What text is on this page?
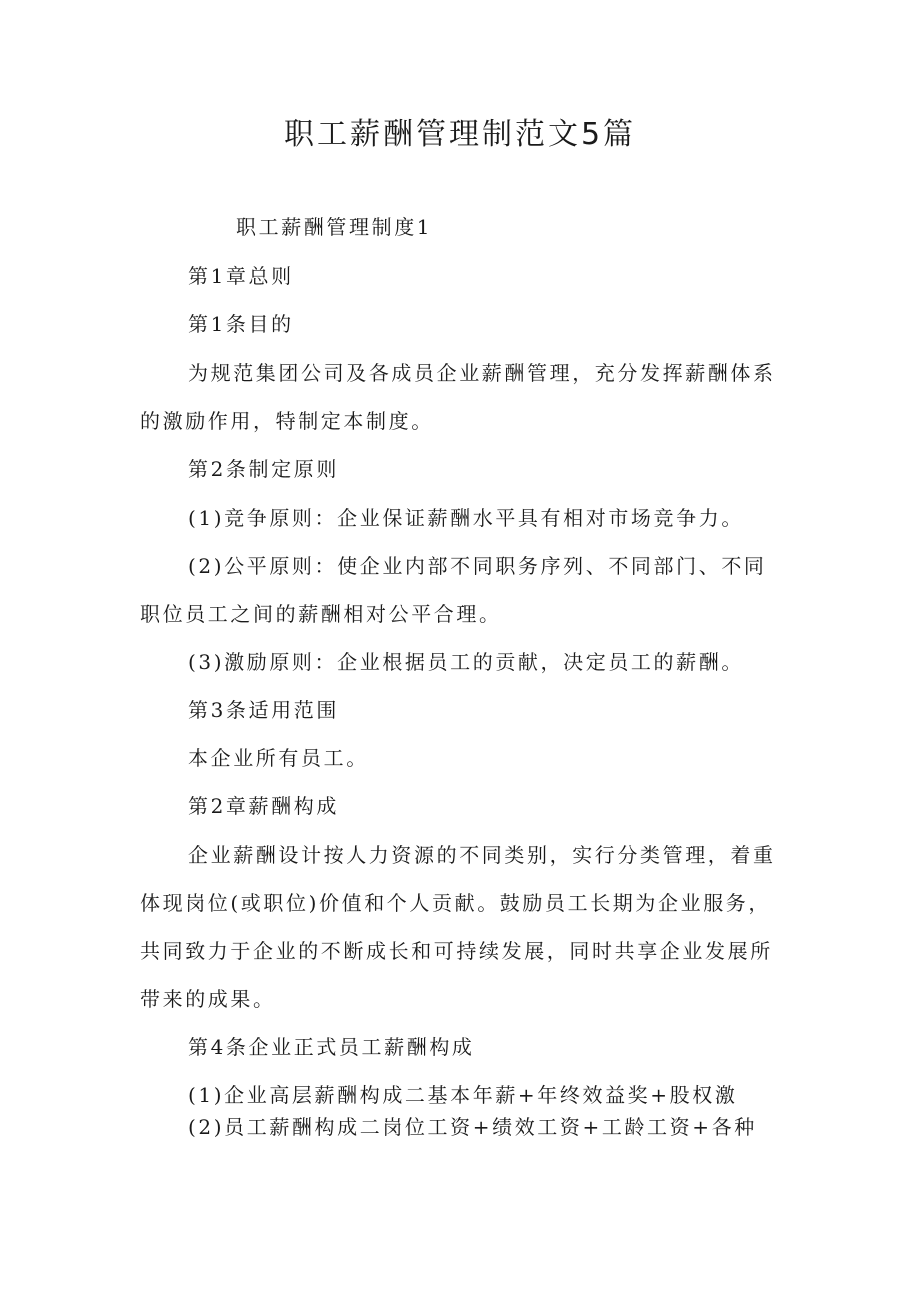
职工薪酬管理制范文5篇

职工薪酬管理制度1

第1章总则

第1条目的

为规范集团公司及各成员企业薪酬管理，充分发挥薪酬体系

的激励作用，特制定本制度。

第2条制定原则

(1)竞争原则：企业保证薪酬水平具有相对市场竞争力。

(2)公平原则：使企业内部不同职务序列、不同部门、不同

职位员工之间的薪酬相对公平合理。

(3)激励原则：企业根据员工的贡献，决定员工的薪酬。

第3条适用范围

本企业所有员工。

第2章薪酬构成

企业薪酬设计按人力资源的不同类别，实行分类管理，着重

体现岗位(或职位)价值和个人贡献。鼓励员工长期为企业服务，

共同致力于企业的不断成长和可持续发展，同时共享企业发展所

带来的成果。

第4条企业正式员工薪酬构成

(1)企业高层薪酬构成二基本年薪+年终效益奖+股权激

(2)员工薪酬构成二岗位工资+绩效工资+工龄工资+各种
